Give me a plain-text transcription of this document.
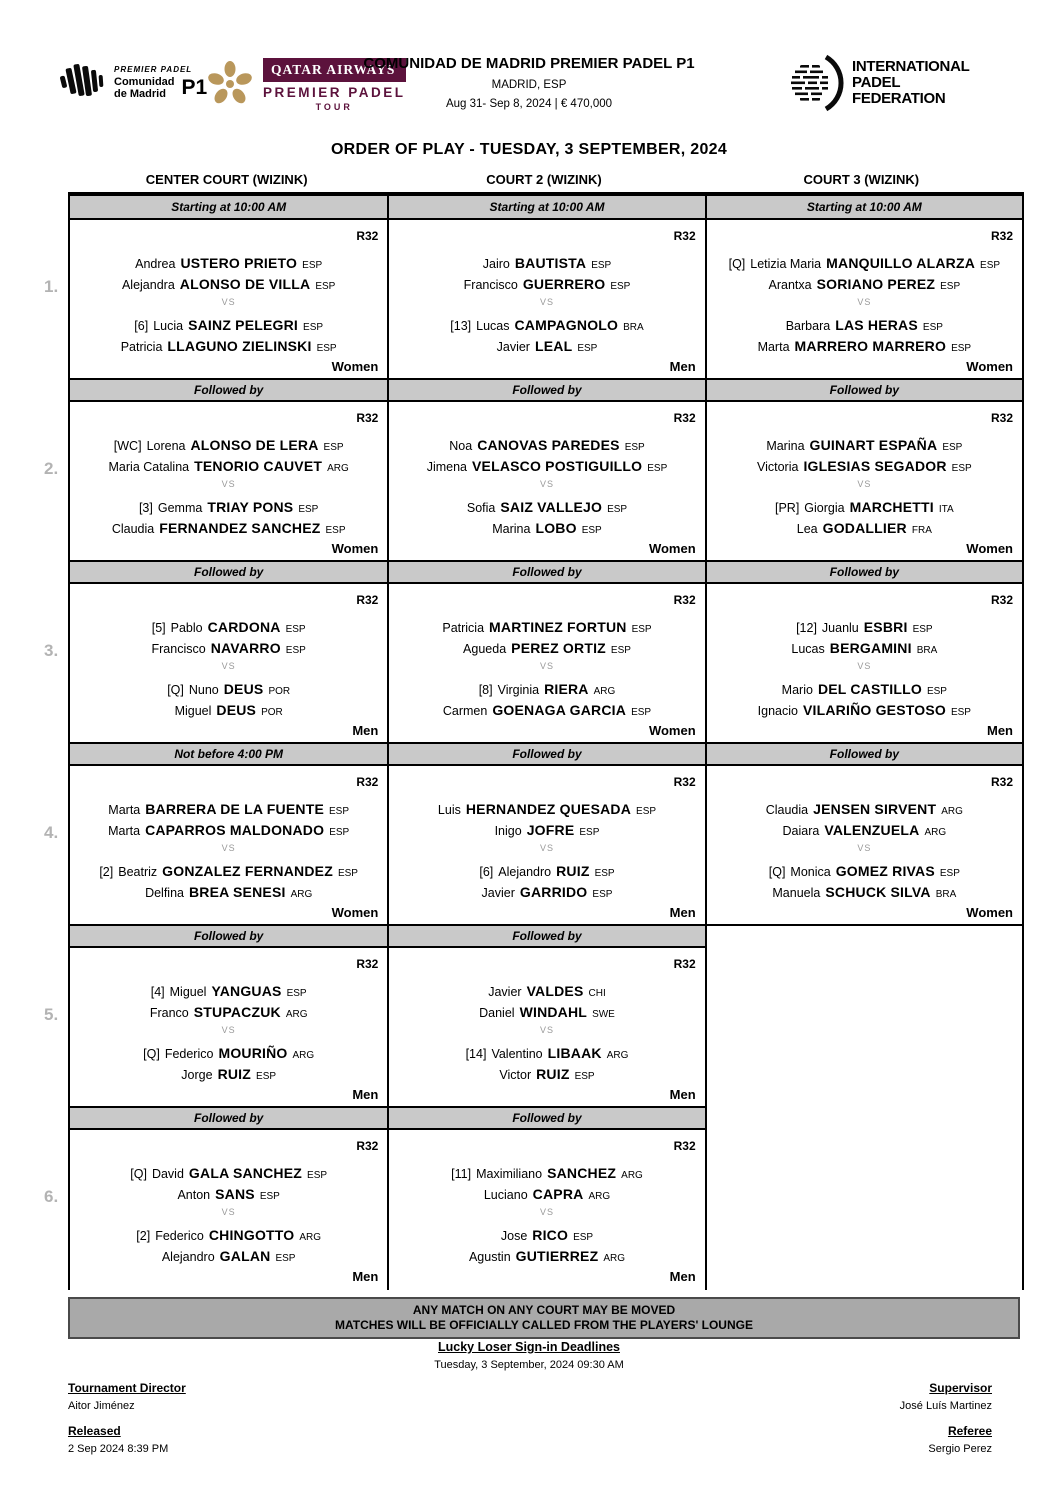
PREMIER PADEL
Comunidad
de Madrid P1
QATAR AIRWAYS
PREMIER PADEL
TOUR
COMUNIDAD DE MADRID PREMIER PADEL P1
MADRID, ESP
Aug 31- Sep 8, 2024 | € 470,000
INTERNATIONAL
PADEL
FEDERATION
ORDER OF PLAY - TUESDAY, 3 SEPTEMBER, 2024
CENTER COURT (WIZINK)	COURT 2 (WIZINK)	COURT 3 (WIZINK)
1.
Starting at 10:00 AM
R32
Andrea USTERO PRIETO ESP
Alejandra ALONSO DE VILLA ESP
VS
[6] Lucia SAINZ PELEGRI ESP
Patricia LLAGUNO ZIELINSKI ESP
Women
Starting at 10:00 AM
R32
Jairo BAUTISTA ESP
Francisco GUERRERO ESP
VS
[13] Lucas CAMPAGNOLO BRA
Javier LEAL ESP
Men
Starting at 10:00 AM
R32
[Q] Letizia Maria MANQUILLO ALARZA ESP
Arantxa SORIANO PEREZ ESP
VS
Barbara LAS HERAS ESP
Marta MARRERO MARRERO ESP
Women
2.
Followed by
R32
[WC] Lorena ALONSO DE LERA ESP
Maria Catalina TENORIO CAUVET ARG
VS
[3] Gemma TRIAY PONS ESP
Claudia FERNANDEZ SANCHEZ ESP
Women
Followed by
R32
Noa CANOVAS PAREDES ESP
Jimena VELASCO POSTIGUILLO ESP
VS
Sofia SAIZ VALLEJO ESP
Marina LOBO ESP
Women
Followed by
R32
Marina GUINART ESPAÑA ESP
Victoria IGLESIAS SEGADOR ESP
VS
[PR] Giorgia MARCHETTI ITA
Lea GODALLIER FRA
Women
3.
Followed by
R32
[5] Pablo CARDONA ESP
Francisco NAVARRO ESP
VS
[Q] Nuno DEUS POR
Miguel DEUS POR
Men
Followed by
R32
Patricia MARTINEZ FORTUN ESP
Agueda PEREZ ORTIZ ESP
VS
[8] Virginia RIERA ARG
Carmen GOENAGA GARCIA ESP
Women
Followed by
R32
[12] Juanlu ESBRI ESP
Lucas BERGAMINI BRA
VS
Mario DEL CASTILLO ESP
Ignacio VILARIÑO GESTOSO ESP
Men
4.
Not before 4:00 PM
R32
Marta BARRERA DE LA FUENTE ESP
Marta CAPARROS MALDONADO ESP
VS
[2] Beatriz GONZALEZ FERNANDEZ ESP
Delfina BREA SENESI ARG
Women
Followed by
R32
Luis HERNANDEZ QUESADA ESP
Inigo JOFRE ESP
VS
[6] Alejandro RUIZ ESP
Javier GARRIDO ESP
Men
Followed by
R32
Claudia JENSEN SIRVENT ARG
Daiara VALENZUELA ARG
VS
[Q] Monica GOMEZ RIVAS ESP
Manuela SCHUCK SILVA BRA
Women
5.
Followed by
R32
[4] Miguel YANGUAS ESP
Franco STUPACZUK ARG
VS
[Q] Federico MOURIÑO ARG
Jorge RUIZ ESP
Men
Followed by
R32
Javier VALDES CHI
Daniel WINDAHL SWE
VS
[14] Valentino LIBAAK ARG
Victor RUIZ ESP
Men
6.
Followed by
R32
[Q] David GALA SANCHEZ ESP
Anton SANS ESP
VS
[2] Federico CHINGOTTO ARG
Alejandro GALAN ESP
Men
Followed by
R32
[11] Maximiliano SANCHEZ ARG
Luciano CAPRA ARG
VS
Jose RICO ESP
Agustin GUTIERREZ ARG
Men
ANY MATCH ON ANY COURT MAY BE MOVED
MATCHES WILL BE OFFICIALLY CALLED FROM THE PLAYERS' LOUNGE
Lucky Loser Sign-in Deadlines
Tuesday, 3 September, 2024 09:30 AM
Tournament Director
Aitor Jiménez
Released
2 Sep 2024 8:39 PM
Supervisor
José Luís Martinez
Referee
Sergio Perez
